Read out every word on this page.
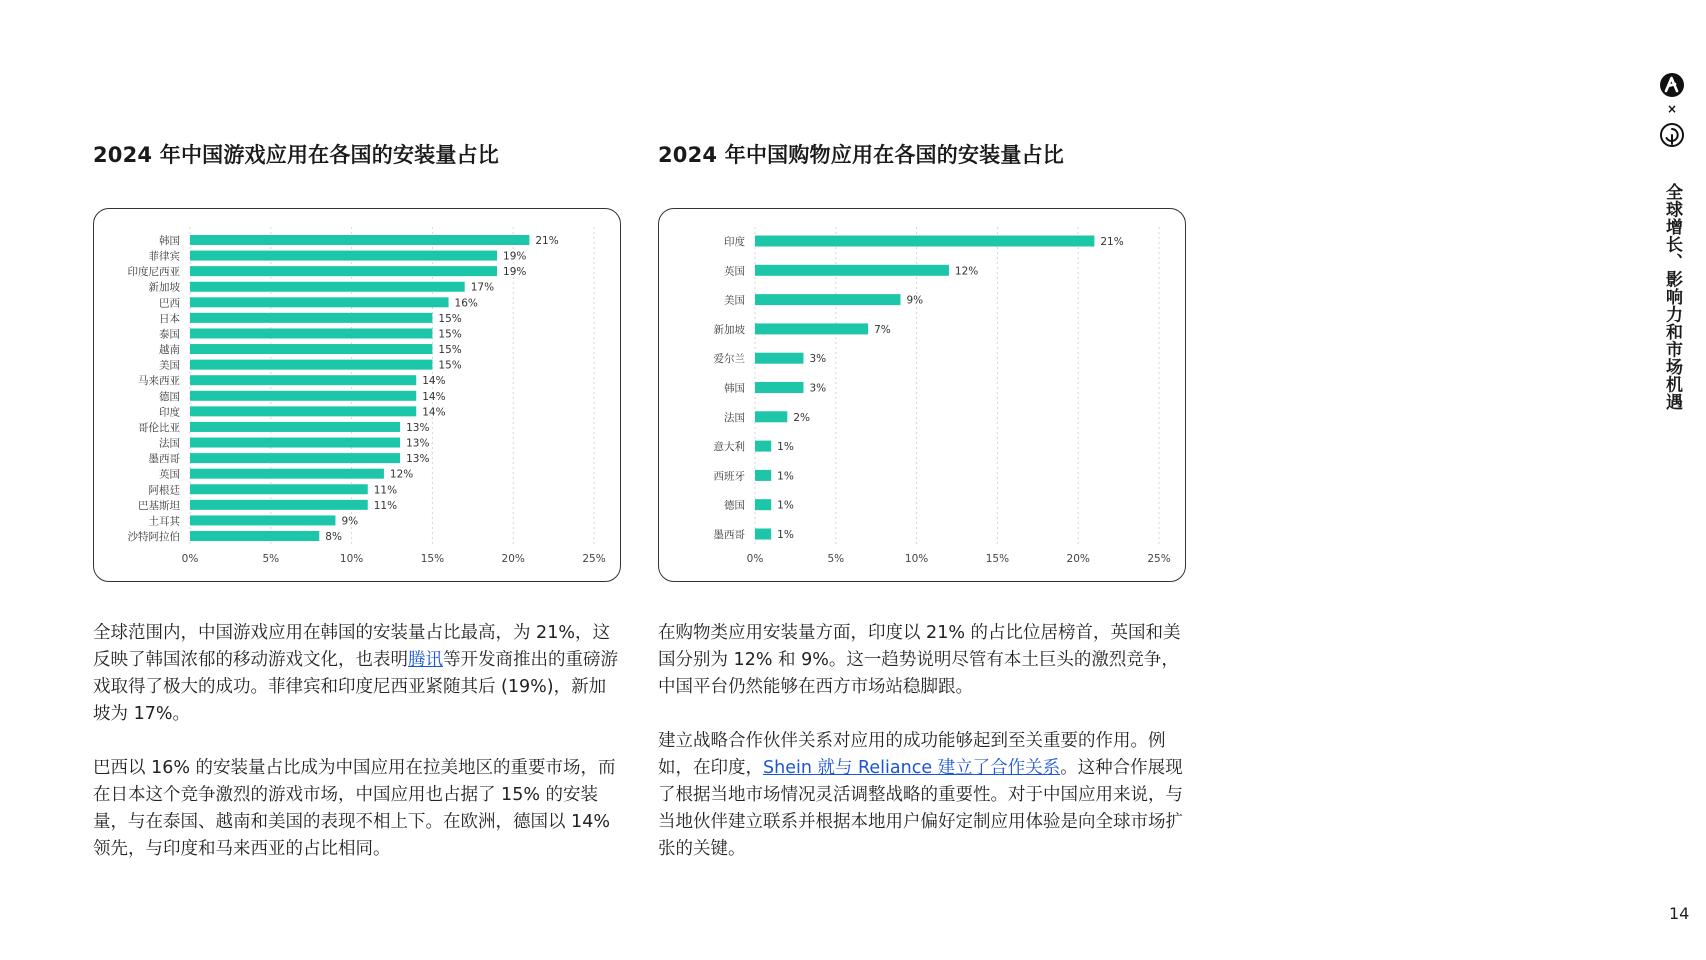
2024 年中国游戏应用在各国的安装量占比	2024 年中国购物应用在各国的安装量占比
0%	5%	10%	15%	20%	25%
韩国	21%
菲律宾	19%
印度尼西亚	19%
新加坡	17%
巴西	16%
日本	15%
泰国	15%
越南	15%
美国	15%
马来西亚	14%
德国	14%
印度	14%
哥伦比亚	13%
法国	13%
墨西哥	13%
英国	12%
阿根廷	11%
巴基斯坦	11%
土耳其	9%
沙特阿拉伯	8%
0%	5%	10%	15%	20%	25%
印度	21%
英国	12%
美国	9%
新加坡	7%
爱尔兰	3%
韩国	3%
法国	2%
意大利	1%
西班牙	1%
德国	1%
墨西哥	1%

全球范围内，中国游戏应用在韩国的安装量占比最高，为 21%，这反映了韩国浓郁的移动游戏文化，也表明腾讯等开发商推出的重磅游戏取得了极大的成功。菲律宾和印度尼西亚紧随其后 (19%)，新加坡为 17%。

巴西以 16% 的安装量占比成为中国应用在拉美地区的重要市场，而在日本这个竞争激烈的游戏市场，中国应用也占据了 15% 的安装量，与在泰国、越南和美国的表现不相上下。在欧洲，德国以 14% 领先，与印度和马来西亚的占比相同。

在购物类应用安装量方面，印度以 21% 的占比位居榜首，英国和美国分别为 12% 和 9%。这一趋势说明尽管有本土巨头的激烈竞争，中国平台仍然能够在西方市场站稳脚跟。

建立战略合作伙伴关系对应用的成功能够起到至关重要的作用。例如，在印度，Shein 就与 Reliance 建立了合作关系。这种合作展现了根据当地市场情况灵活调整战略的重要性。对于中国应用来说，与当地伙伴建立联系并根据本地用户偏好定制应用体验是向全球市场扩张的关键。

×
全球增长、影响力和市场机遇
14
